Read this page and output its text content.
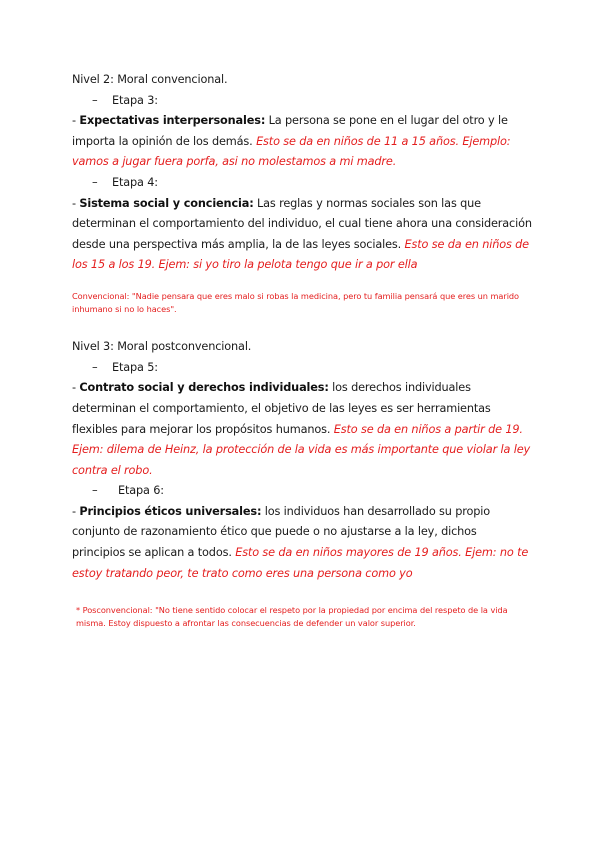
Nivel 2: Moral convencional.
– Etapa 3:
- Expectativas interpersonales: La persona se pone en el lugar del otro y le importa la opinión de los demás. Esto se da en niños de 11 a 15 años. Ejemplo: vamos a jugar fuera porfa, asi no molestamos a mi madre.
– Etapa 4:
- Sistema social y conciencia: Las reglas y normas sociales son las que determinan el comportamiento del individuo, el cual tiene ahora una consideración desde una perspectiva más amplia, la de las leyes sociales. Esto se da en niños de los 15 a los 19. Ejem: si yo tiro la pelota tengo que ir a por ella
Convencional: "Nadie pensara que eres malo si robas la medicina, pero tu familia pensará que eres un marido inhumano si no lo haces".
Nivel 3: Moral postconvencional.
– Etapa 5:
- Contrato social y derechos individuales: los derechos individuales determinan el comportamiento, el objetivo de las leyes es ser herramientas flexibles para mejorar los propósitos humanos. Esto se da en niños a partir de 19. Ejem: dilema de Heinz, la protección de la vida es más importante que violar la ley contra el robo.
– Etapa 6:
- Principios éticos universales: los individuos han desarrollado su propio conjunto de razonamiento ético que puede o no ajustarse a la ley, dichos principios se aplican a todos. Esto se da en niños mayores de 19 años. Ejem: no te estoy tratando peor, te trato como eres una persona como yo
* Posconvencional: "No tiene sentido colocar el respeto por la propiedad por encima del respeto de la vida misma. Estoy dispuesto a afrontar las consecuencias de defender un valor superior.
